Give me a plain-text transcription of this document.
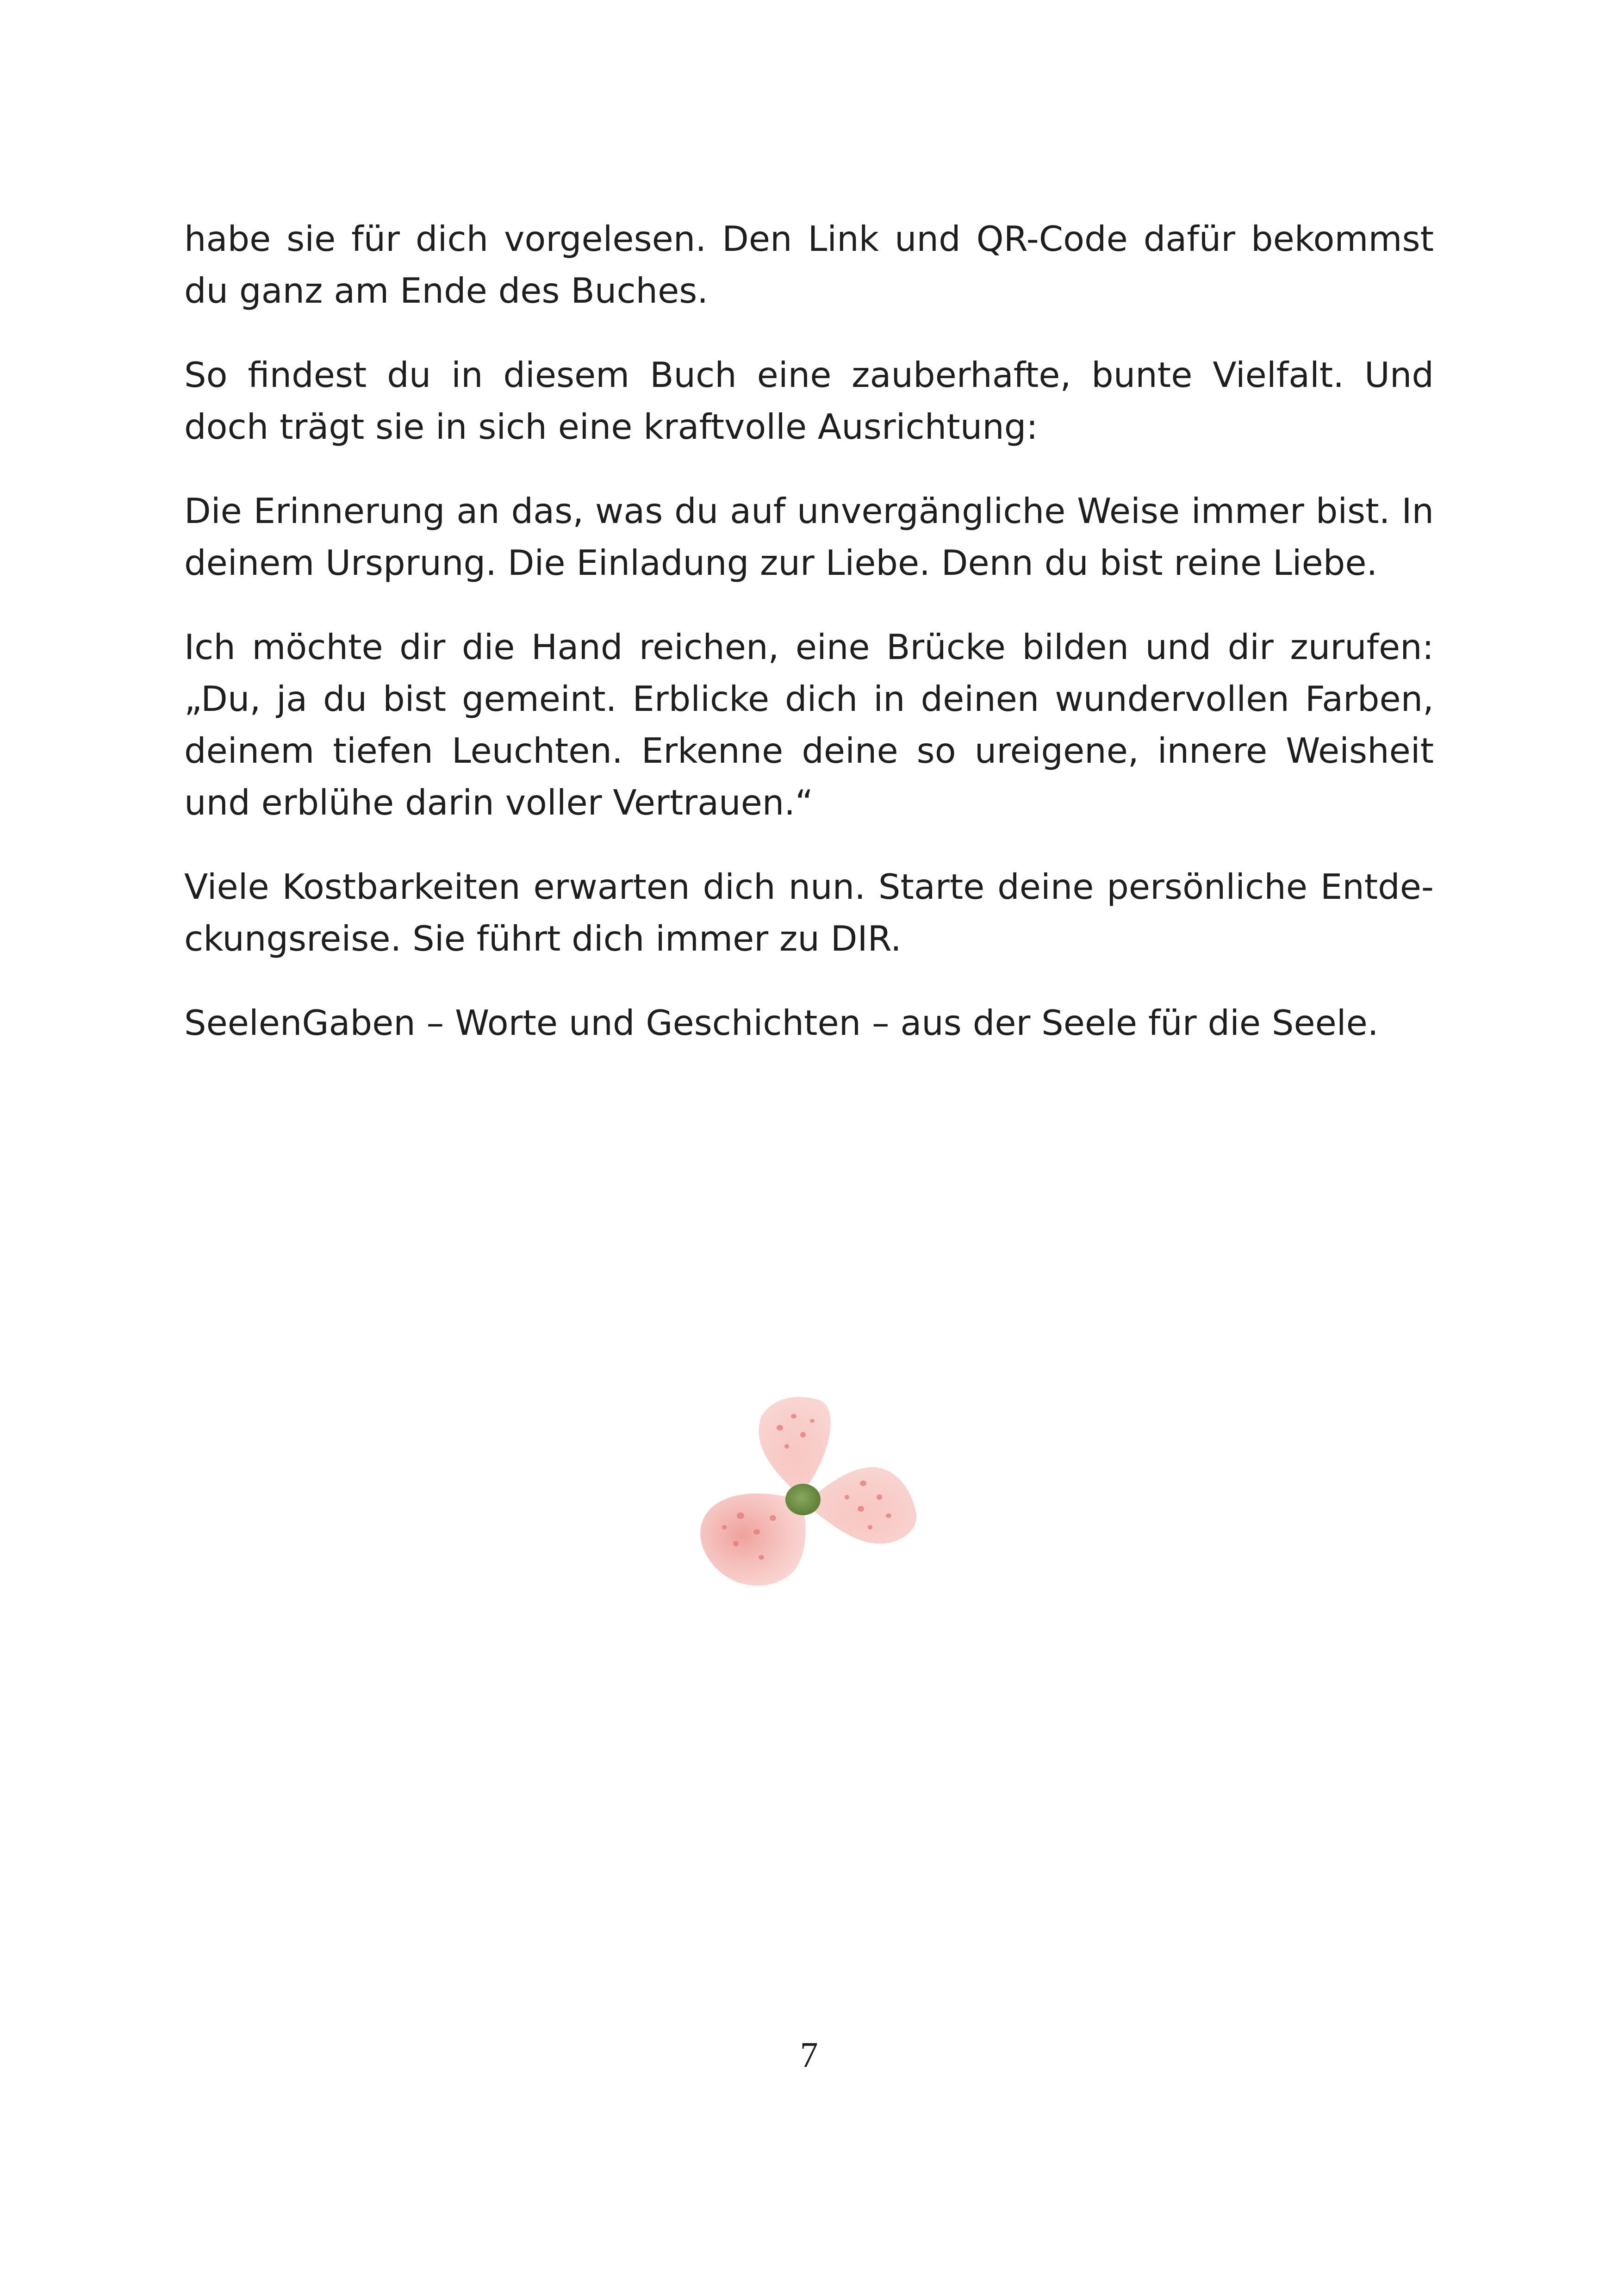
habe sie für dich vorgelesen. Den Link und QR-Code dafür bekommst du ganz am Ende des Buches.

So findest du in diesem Buch eine zauberhafte, bunte Vielfalt. Und doch trägt sie in sich eine kraftvolle Ausrichtung:

Die Erinnerung an das, was du auf unvergängliche Weise immer bist. In deinem Ursprung. Die Einladung zur Liebe. Denn du bist reine Liebe.

Ich möchte dir die Hand reichen, eine Brücke bilden und dir zurufen: „Du, ja du bist gemeint. Erblicke dich in deinen wundervollen Farben, deinem tiefen Leuchten. Erkenne deine so ureigene, innere Weisheit und erblühe darin voller Vertrauen.“

Viele Kostbarkeiten erwarten dich nun. Starte deine persönliche Entdeckungsreise. Sie führt dich immer zu DIR.

SeelenGaben – Worte und Geschichten – aus der Seele für die Seele.

7
